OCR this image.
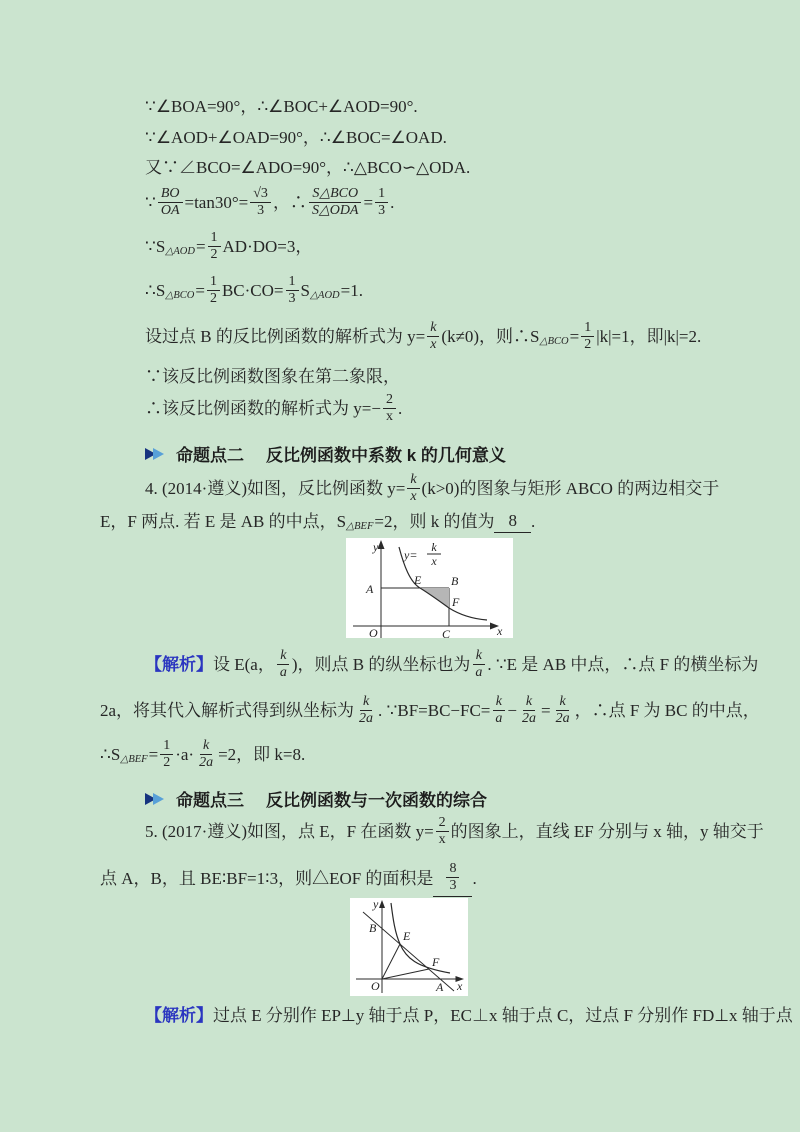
∵∠BOA=90°，∴∠BOC+∠AOD=90°.
∵∠AOD+∠OAD=90°，∴∠BOC=∠OAD.
又∵∠BCO=∠ADO=90°，∴△BCO∽△ODA.
∵ $\frac{BO}{OA} =\tan 30^\circ= \frac{√3}{3}$ ，∴ $\frac{\text{S△BCO}}{\text{S△ODA}} = \frac{1}{3}$ .
∵S △AOD = $\frac{1}{2} AD\cdot DO=3$，
∴S △BCO = $\frac{1}{2} BC\cdot CO= \frac{1}{3}$ S △AOD =1.
设过点 B 的反比例函数的解析式为 $y= \frac{k}{x} (k\ne 0)$，则∴S △BCO = $\frac{1}{2} |k|=1$，即|k|=2.
∵该反比例函数图象在第二象限，
∴该反比例函数的解析式为 $y=- \frac{2}{x}$ .
命题点二 反比例函数中系数 k 的几何意义
4. (2014·遵义)如图，反比例函数 $y= \frac{k}{x} (k>0)$的图象与矩形 ABCO 的两边相交于
E，F 两点. 若 E 是 AB 的中点，S △BEF =2，则 k 的值为 8 .
y
x
O
A
B
C
E
F
y=
k
x
【解析】 设 E(a， $\frac{k}{a}$ )，则点 B 的纵坐标也为 $\frac{k}{a}$ . ∵E 是 AB 中点，∴点 F 的横坐标为
2a，将其代入解析式得到纵坐标为 $\frac{k}{2a}$ . ∵BF=BC−FC= $\frac{k}{a} - \frac{k}{2a} = \frac{k}{2a}$ ，∴点 F 为 BC 的中点，
∴S △BEF = $\frac{1}{2} \cdot a\cdot \frac{k}{2a} =2$，即 k=8.
命题点三 反比例函数与一次函数的综合
5. (2017·遵义)如图，点 E，F 在函数 $y= \frac{2}{x}$ 的图象上，直线 EF 分别与 x 轴，y 轴交于
点 A，B，且 BE∶BF=1∶3，则△EOF 的面积是 $\frac{8}{3}$ .
y
x
O
B
E
F
A
【解析】 过点 E 分别作 EP⊥y 轴于点 P，EC⊥x 轴于点 C，过点 F 分别作 FD⊥x 轴于点
